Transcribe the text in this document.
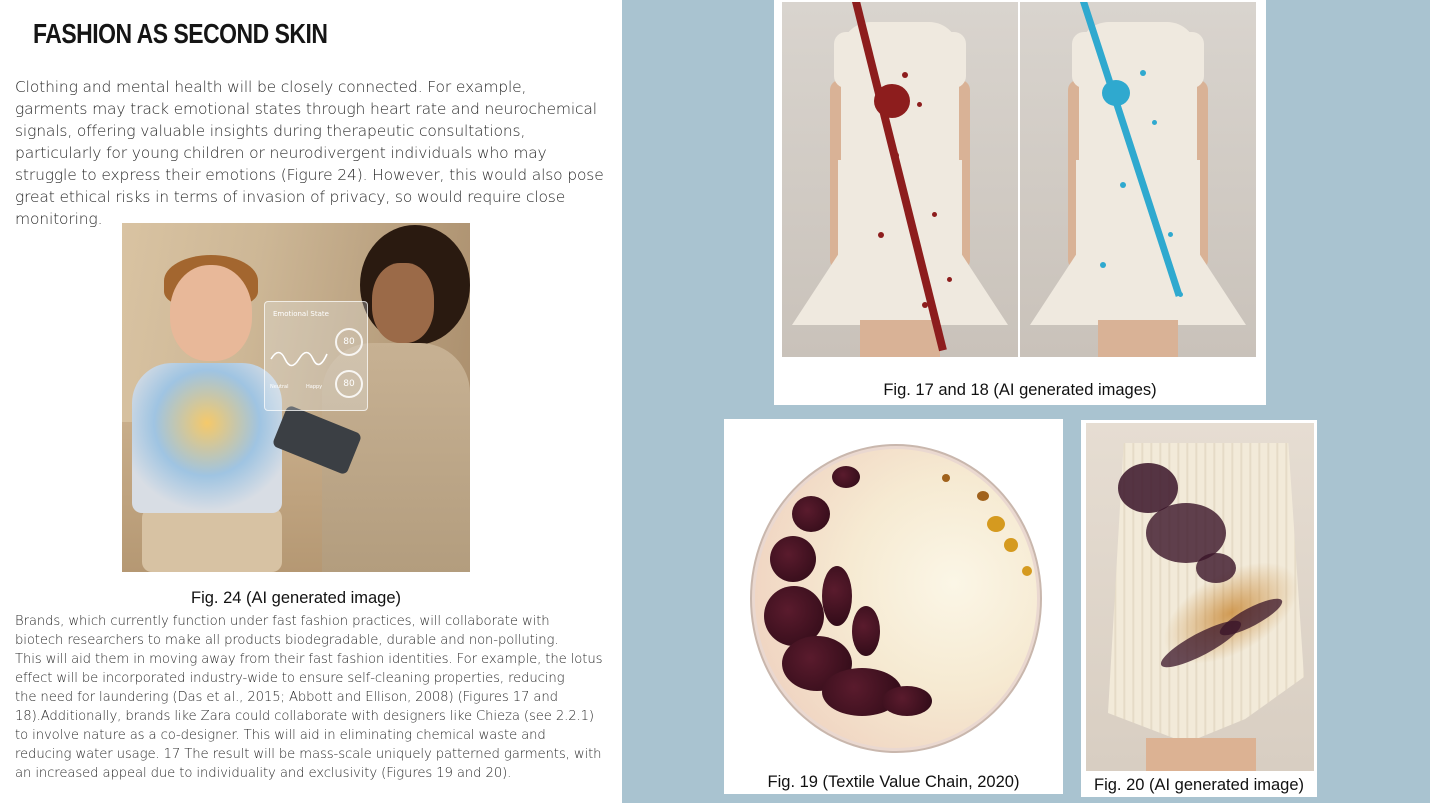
FASHION AS SECOND SKIN
Clothing and mental health will be closely connected. For example,
garments may track emotional states through heart rate and neurochemical
signals, offering valuable insights during therapeutic consultations,
particularly for young children or neurodivergent individuals who may
struggle to express their emotions (Figure 24). However, this would also pose
great ethical risks in terms of invasion of privacy, so would require close
monitoring.
Emotional State
80
80
Neutral	Happy
Fig. 24 (AI generated image)
Brands, which currently function under fast fashion practices, will collaborate with
biotech researchers to make all products biodegradable, durable and non-polluting.
This will aid them in moving away from their fast fashion identities. For example, the lotus
effect will be incorporated industry-wide to ensure self-cleaning properties, reducing
the need for laundering (Das et al., 2015; Abbott and Ellison, 2008) (Figures 17 and
18).Additionally, brands like Zara could collaborate with designers like Chieza (see 2.2.1)
to involve nature as a co-designer. This will aid in eliminating chemical waste and
reducing water usage. 17 The result will be mass-scale uniquely patterned garments, with
an increased appeal due to individuality and exclusivity (Figures 19 and 20).
Fig. 17 and 18 (AI generated images)
Fig. 19 (Textile Value Chain, 2020)	Fig. 20 (AI generated image)
